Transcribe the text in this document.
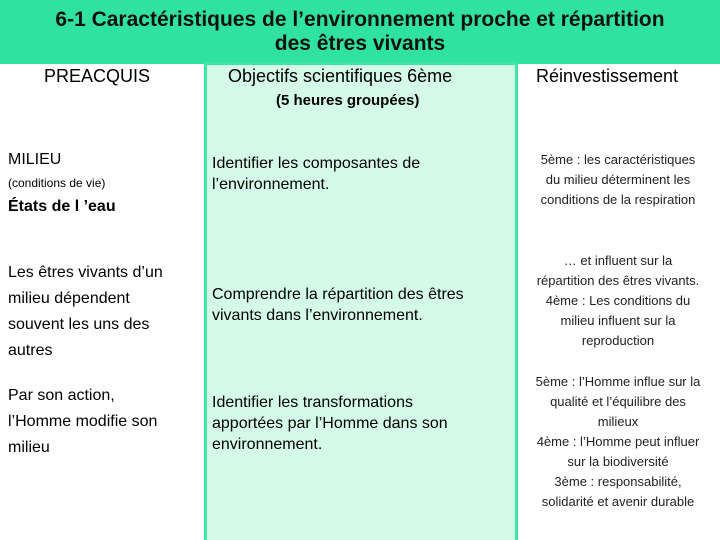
6-1 Caractéristiques de l’environnement proche et répartition
des êtres vivants
PREACQUIS	Objectifs scientifiques 6ème
(5 heures groupées)
Réinvestissement
MILIEU
(conditions de vie)
États de l ’eau
Les êtres vivants d’un
milieu dépendent
souvent les uns des
autres
Par son action,
l’Homme modifie son
milieu
Identifier les composantes de
l’environnement.
Comprendre la répartition des êtres
vivants dans l’environnement.
Identifier les transformations
apportées par l’Homme dans son
environnement.
5ème : les caractéristiques
du milieu déterminent les
conditions de la respiration
… et influent sur la
répartition des êtres vivants.
4ème : Les conditions du
milieu influent sur la
reproduction
5ème : l’Homme influe sur la
qualité et l’équilibre des
milieux
4ème : l’Homme peut influer
sur la biodiversité
3ème : responsabilité,
solidarité et avenir durable
